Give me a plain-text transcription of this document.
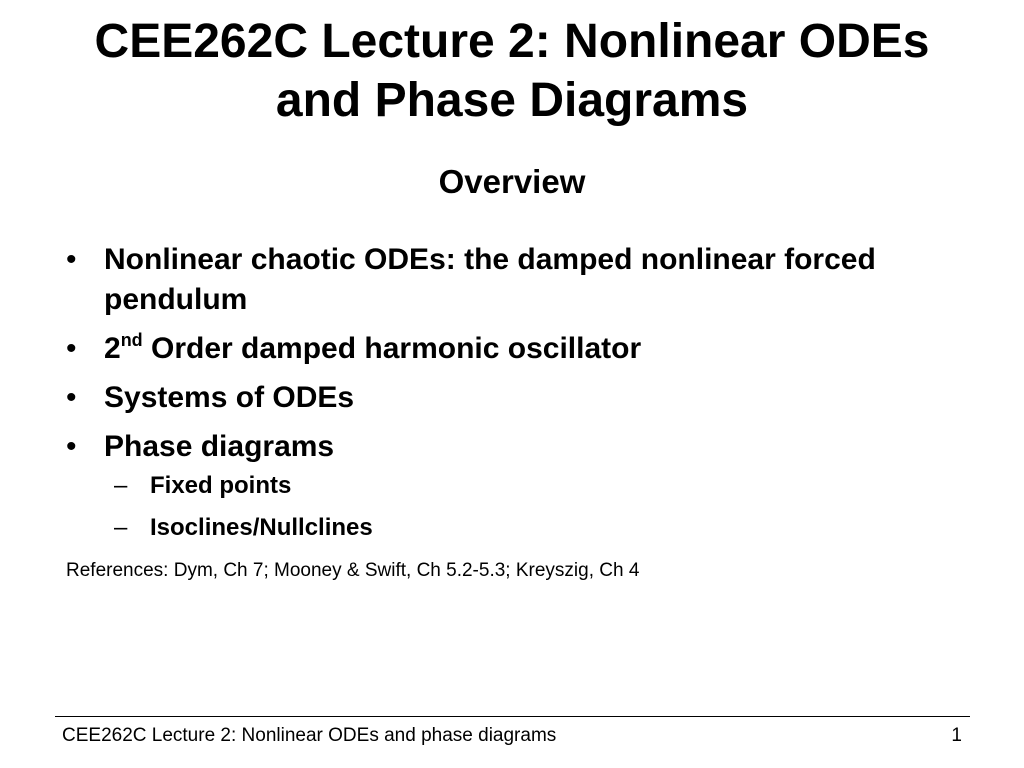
CEE262C Lecture 2: Nonlinear ODEs
and Phase Diagrams
Overview
• Nonlinear chaotic ODEs: the damped nonlinear forced pendulum
• 2nd Order damped harmonic oscillator
• Systems of ODEs
• Phase diagrams
– Fixed points
– Isoclines/Nullclines
References: Dym, Ch 7; Mooney & Swift, Ch 5.2-5.3; Kreyszig, Ch 4
CEE262C Lecture 2: Nonlinear ODEs and phase diagrams	1
